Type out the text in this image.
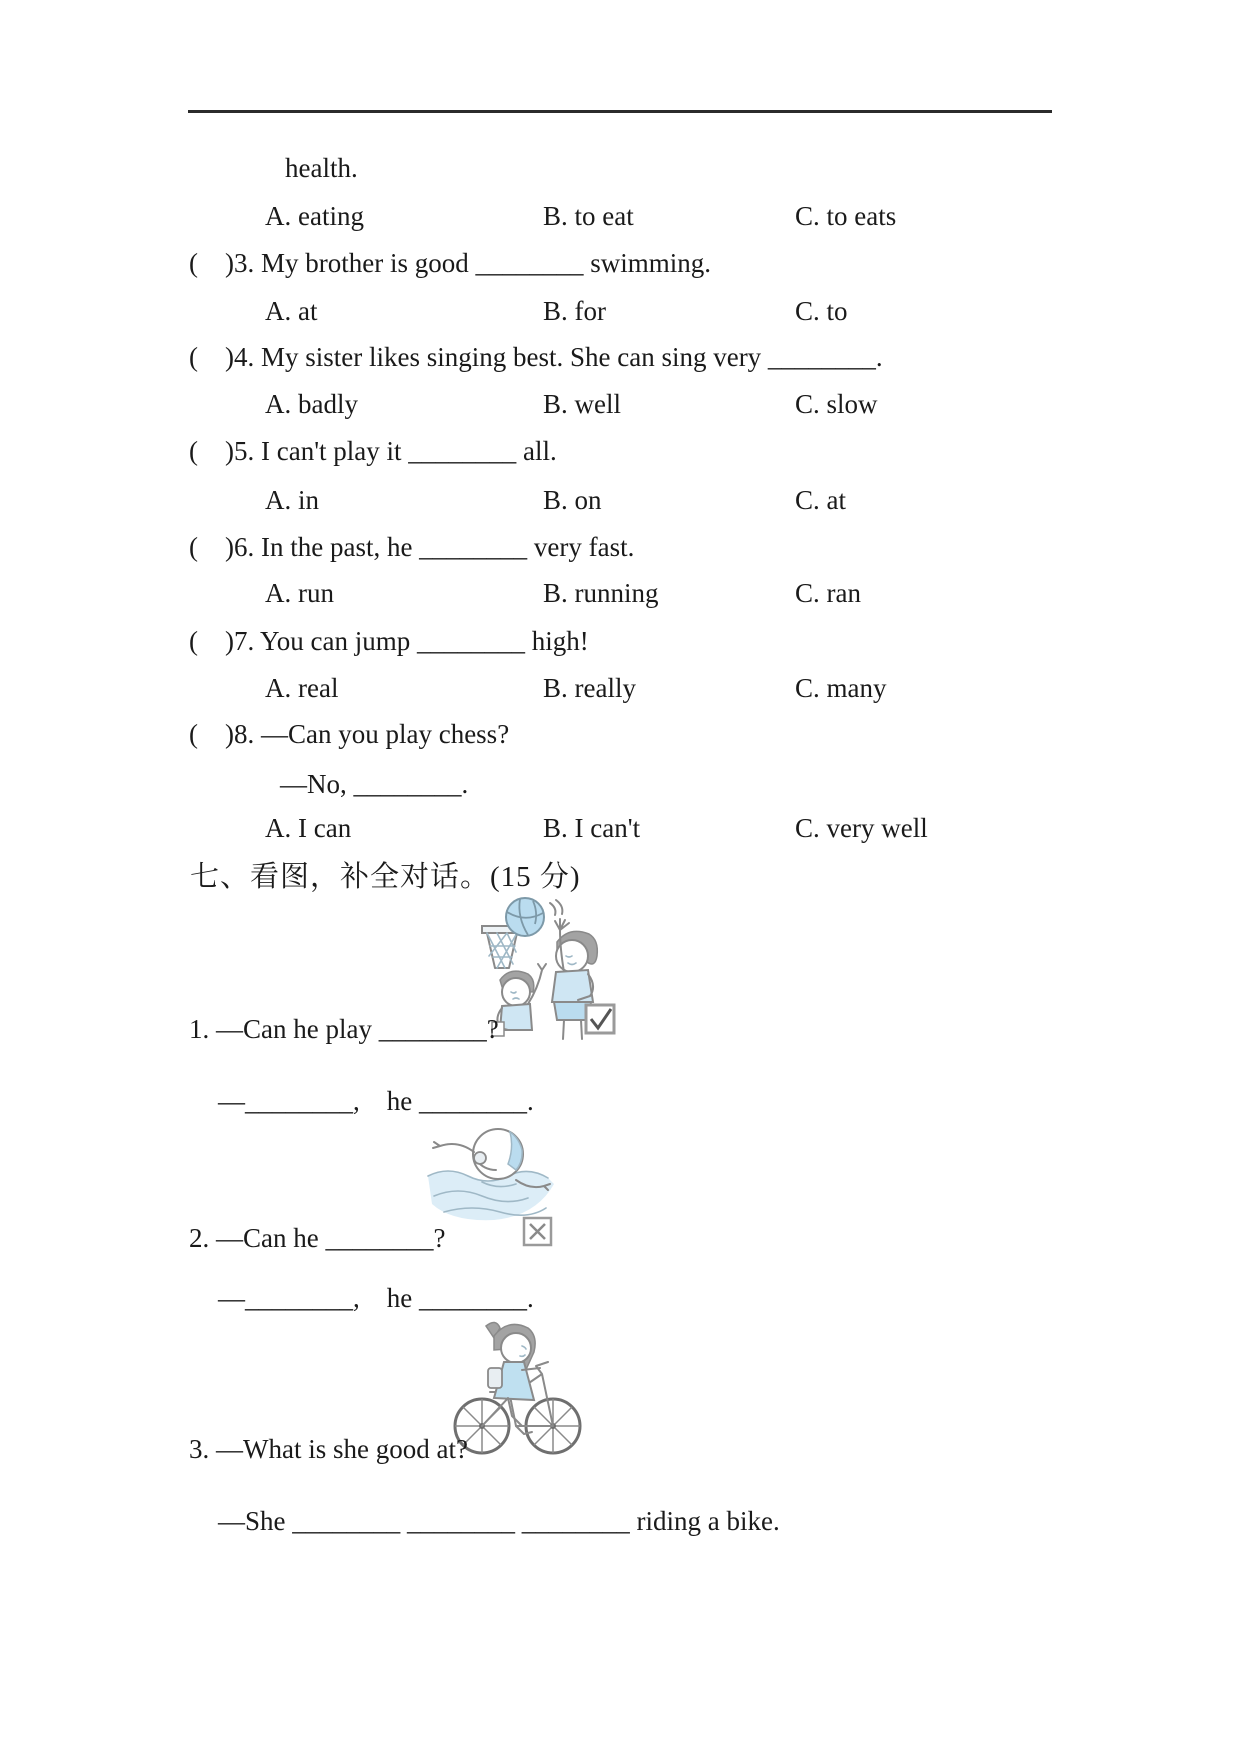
health.

A. eating

	B. to eat

	C. to eats

(    )3. My brother is good ________ swimming.

A. at

	B. for

	C. to

(    )4. My sister likes singing best. She can sing very ________.

A. badly

	B. well

	C. slow

(    )5. I can't play it ________ all.

A. in

	B. on

	C. at

(    )6. In the past, he ________ very fast.

A. run

	B. running

	C. ran

(    )7. You can jump ________ high!

A. real

	B. really

	C. many

(    )8. —Can you play chess?
—No, ________.

A. I can

	B. I can't

	C. very well

七、看图，补全对话。(15 分)
1. —Can he play ________?
—________,    he ________.
2. —Can he ________?
—________,    he ________.
3. —What is she good at?
—She ________ ________ ________ riding a bike.
